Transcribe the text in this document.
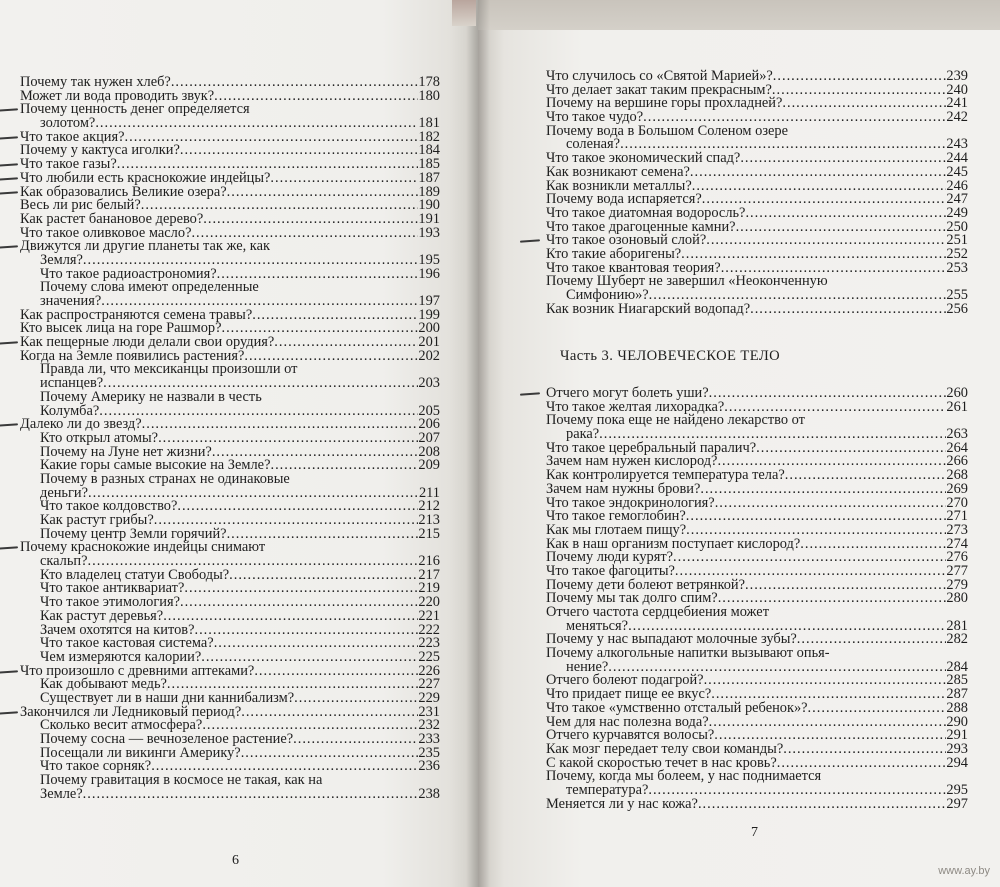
Почему так нужен хлеб? .....	178
Может ли вода проводить звук? .....	180
Почему ценность денег определяется
золотом? .....	181
Что такое акция? .....	182
Почему у кактуса иголки? .....	184
Что такое газы? .....	185
Что любили есть краснокожие индейцы? .....	187
Как образовались Великие озера? .....	189
Весь ли рис белый? .....	190
Как растет банановое дерево? .....	191
Что такое оливковое масло? .....	193
Движутся ли другие планеты так же, как
Земля? .....	195
Что такое радиоастрономия? .....	196
Почему слова имеют определенные
значения? .....	197
Как распространяются семена травы? .....	199
Кто высек лица на горе Рашмор? .....	200
Как пещерные люди делали свои орудия? .....	201
Когда на Земле появились растения? .....	202
Правда ли, что мексиканцы произошли от
испанцев? .....	203
Почему Америку не назвали в честь
Колумба? .....	205
Далеко ли до звезд? .....	206
Кто открыл атомы? .....	207
Почему на Луне нет жизни? .....	208
Какие горы самые высокие на Земле? .....	209
Почему в разных странах не одинаковые
деньги? .....	211
Что такое колдовство? .....	212
Как растут грибы? .....	213
Почему центр Земли горячий? .....	215
Почему краснокожие индейцы снимают
скальп? .....	216
Кто владелец статуи Свободы? .....	217
Что такое антиквариат? .....	219
Что такое этимология? .....	220
Как растут деревья? .....	221
Зачем охотятся на китов? .....	222
Что такое кастовая система? .....	223
Чем измеряются калории? .....	225
Что произошло с древними аптеками? .....	226
Как добывают медь? .....	227
Существует ли в наши дни каннибализм? .....	229
Закончился ли Ледниковый период? .....	231
Сколько весит атмосфера? .....	232
Почему сосна — вечнозеленое растение? .....	233
Посещали ли викинги Америку? .....	235
Что такое сорняк? .....	236
Почему гравитация в космосе не такая, как на
Земле? .....	238
6
Что случилось со «Святой Марией»? .....	239
Что делает закат таким прекрасным? .....	240
Почему на вершине горы прохладней? .....	241
Что такое чудо? .....	242
Почему вода в Большом Соленом озере
соленая? .....	243
Что такое экономический спад? .....	244
Как возникают семена? .....	245
Как возникли металлы? .....	246
Почему вода испаряется? .....	247
Что такое диатомная водоросль? .....	249
Что такое драгоценные камни? .....	250
Что такое озоновый слой? .....	251
Кто такие аборигены? .....	252
Что такое квантовая теория? .....	253
Почему Шуберт не завершил «Неоконченную
Симфонию»? .....	255
Как возник Ниагарский водопад? .....	256
Часть 3. ЧЕЛОВЕЧЕСКОЕ ТЕЛО
Отчего могут болеть уши? .....	260
Что такое желтая лихорадка? .....	261
Почему пока еще не найдено лекарство от
рака? .....	263
Что такое церебральный паралич? .....	264
Зачем нам нужен кислород? .....	266
Как контролируется температура тела? .....	268
Зачем нам нужны брови? .....	269
Что такое эндокринология? .....	270
Что такое гемоглобин? .....	271
Как мы глотаем пищу? .....	273
Как в наш организм поступает кислород? .....	274
Почему люди курят? .....	276
Что такое фагоциты? .....	277
Почему дети болеют ветрянкой? .....	279
Почему мы так долго спим? .....	280
Отчего частота сердцебиения может
меняться? .....	281
Почему у нас выпадают молочные зубы? .....	282
Почему алкогольные напитки вызывают опья-
нение? .....	284
Отчего болеют подагрой? .....	285
Что придает пище ее вкус? .....	287
Что такое «умственно отсталый ребенок»? .....	288
Чем для нас полезна вода? .....	290
Отчего курчавятся волосы? .....	291
Как мозг передает телу свои команды? .....	293
С какой скоростью течет в нас кровь? .....	294
Почему, когда мы болеем, у нас поднимается
температура? .....	295
Меняется ли у нас кожа? .....	297
7
www.ay.by
